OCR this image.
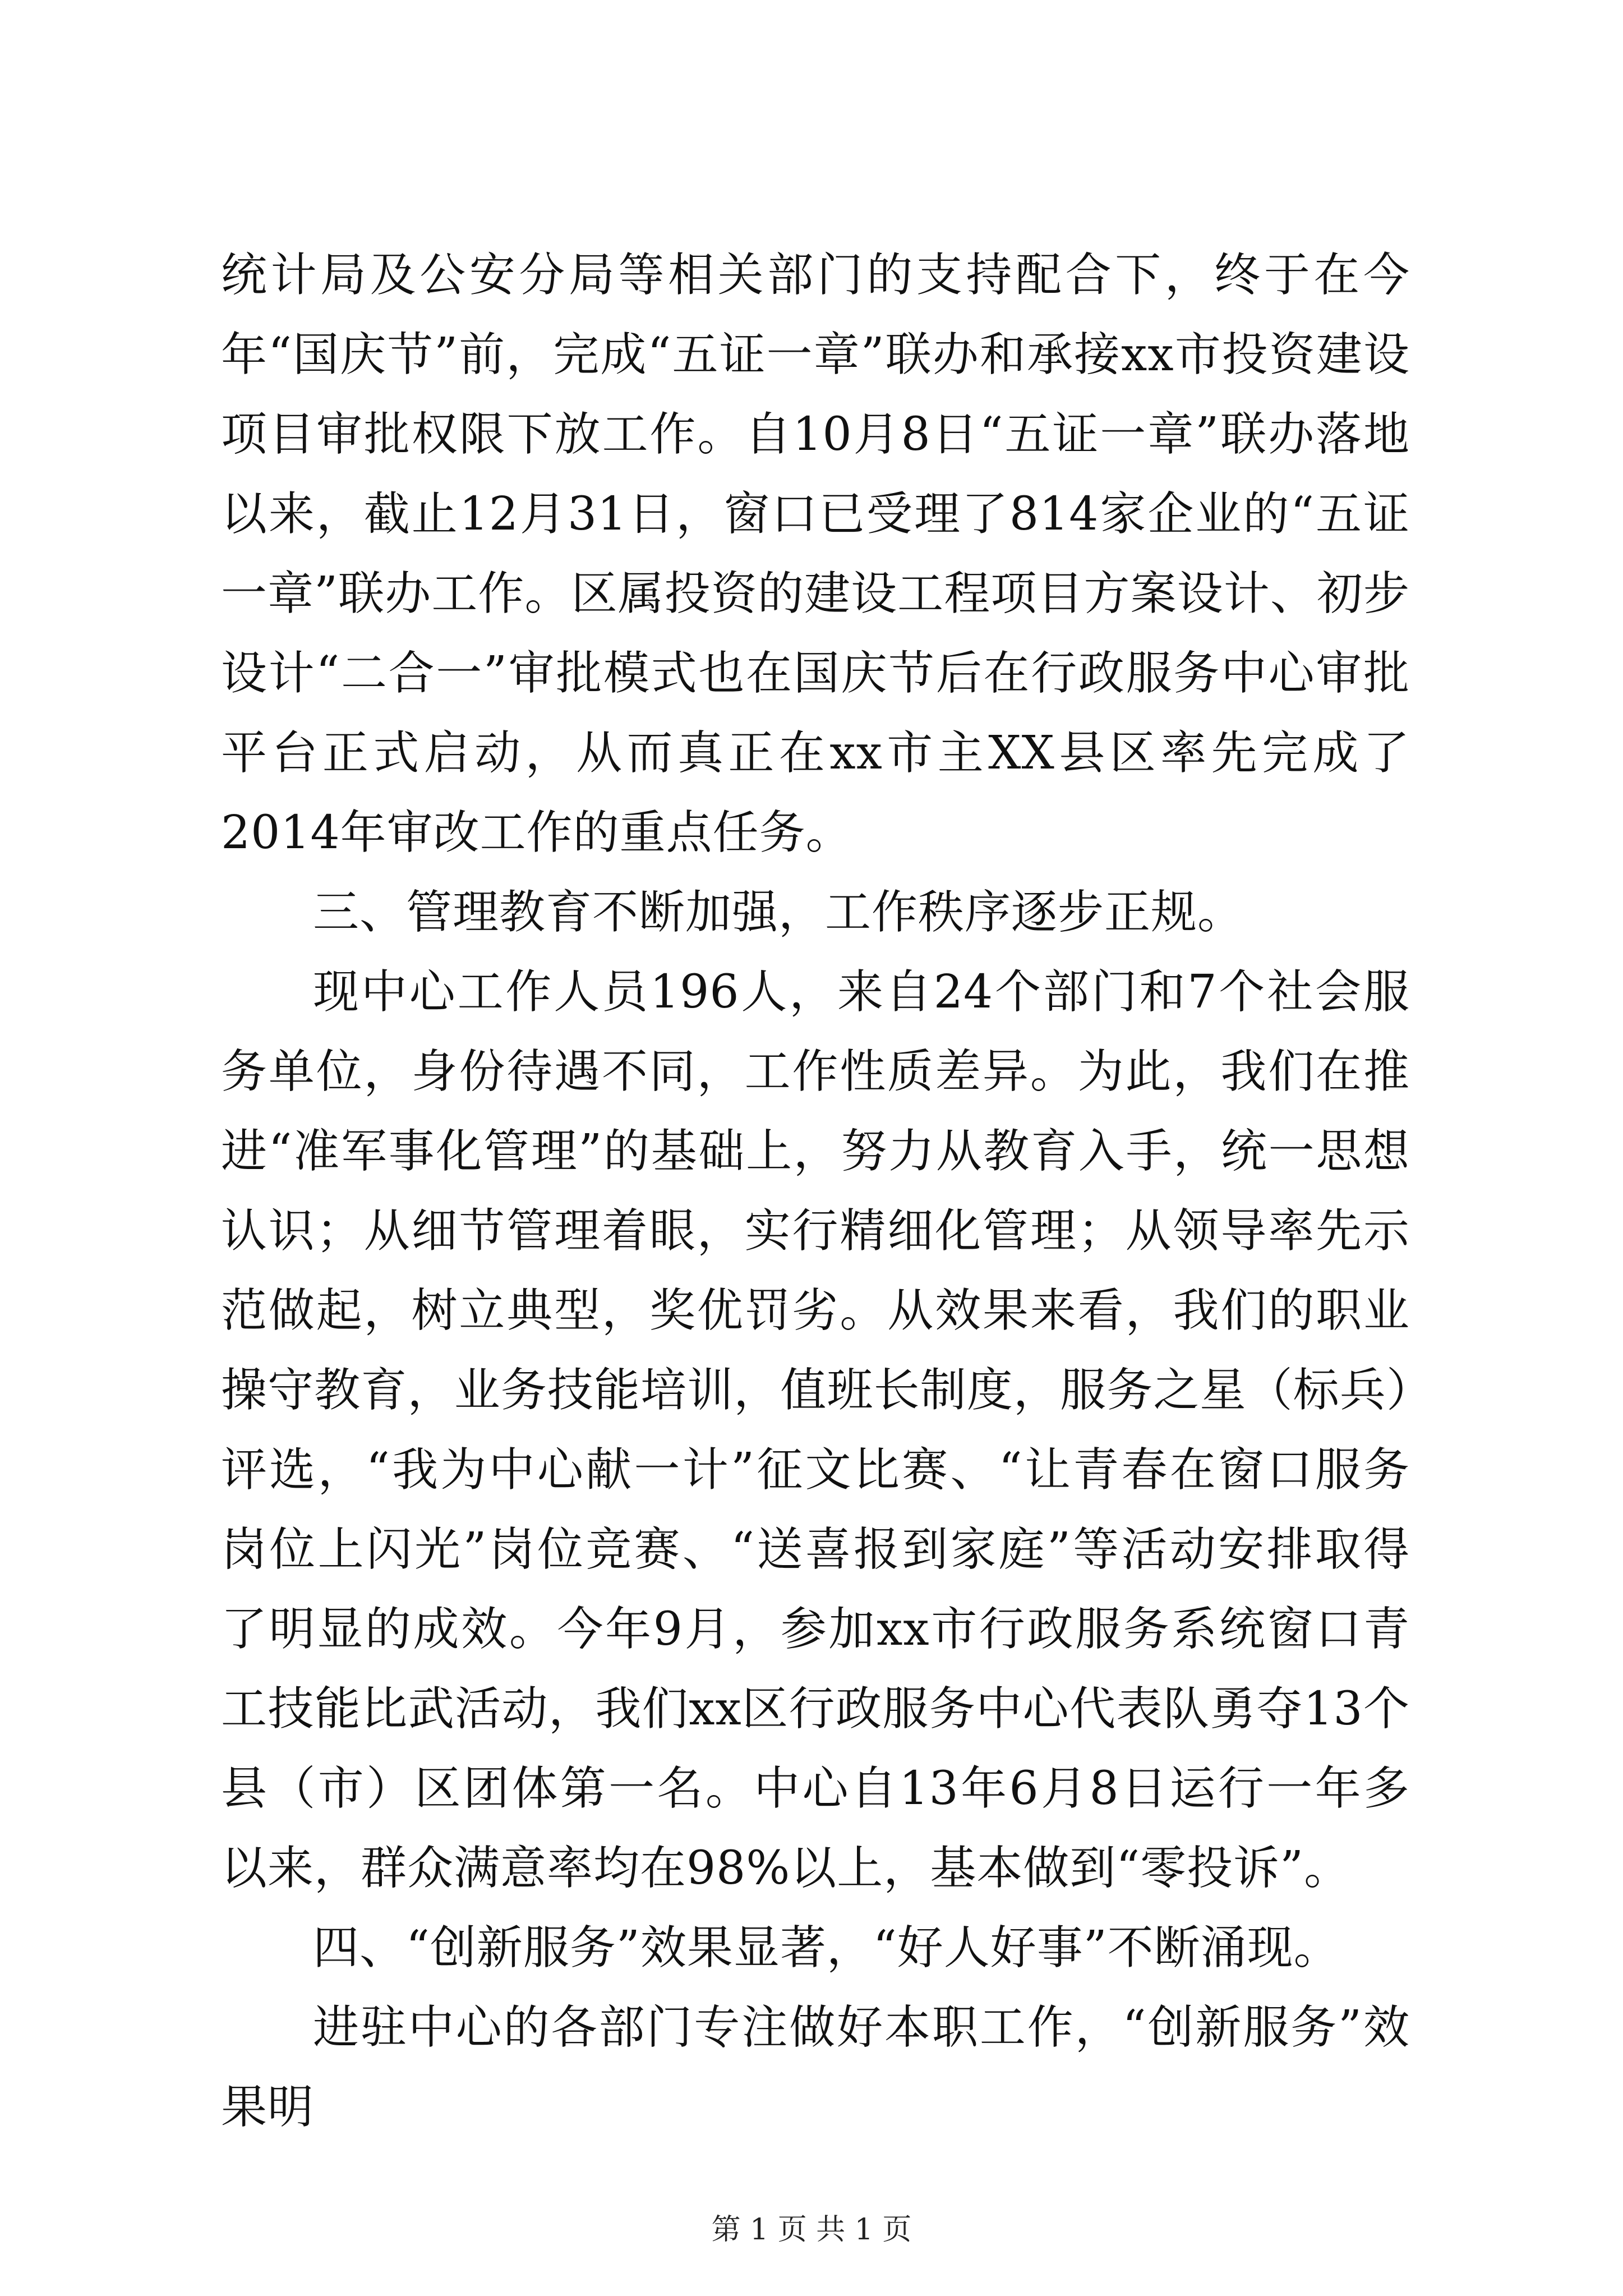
统计局及公安分局等相关部门的支持配合下，终于在今年“国庆节”前，完成“五证一章”联办和承接xx市投资建设项目审批权限下放工作。自10月8日“五证一章”联办落地以来，截止12月31日，窗口已受理了814家企业的“五证一章”联办工作。区属投资的建设工程项目方案设计、初步设计“二合一”审批模式也在国庆节后在行政服务中心审批平台正式启动，从而真正在xx市主XX县区率先完成了2014年审改工作的重点任务。

三、管理教育不断加强，工作秩序逐步正规。

现中心工作人员196人，来自24个部门和7个社会服务单位，身份待遇不同，工作性质差异。为此，我们在推进“准军事化管理”的基础上，努力从教育入手，统一思想认识；从细节管理着眼，实行精细化管理；从领导率先示范做起，树立典型，奖优罚劣。从效果来看，我们的职业操守教育，业务技能培训，值班长制度，服务之星（标兵）评选，“我为中心献一计”征文比赛、“让青春在窗口服务岗位上闪光”岗位竞赛、“送喜报到家庭”等活动安排取得了明显的成效。今年9月，参加xx市行政服务系统窗口青工技能比武活动，我们xx区行政服务中心代表队勇夺13个县（市）区团体第一名。中心自13年6月8日运行一年多以来，群众满意率均在98%以上，基本做到“零投诉”。

四、“创新服务”效果显著，“好人好事”不断涌现。

进驻中心的各部门专注做好本职工作，“创新服务”效果明

第 1 页 共 1 页
